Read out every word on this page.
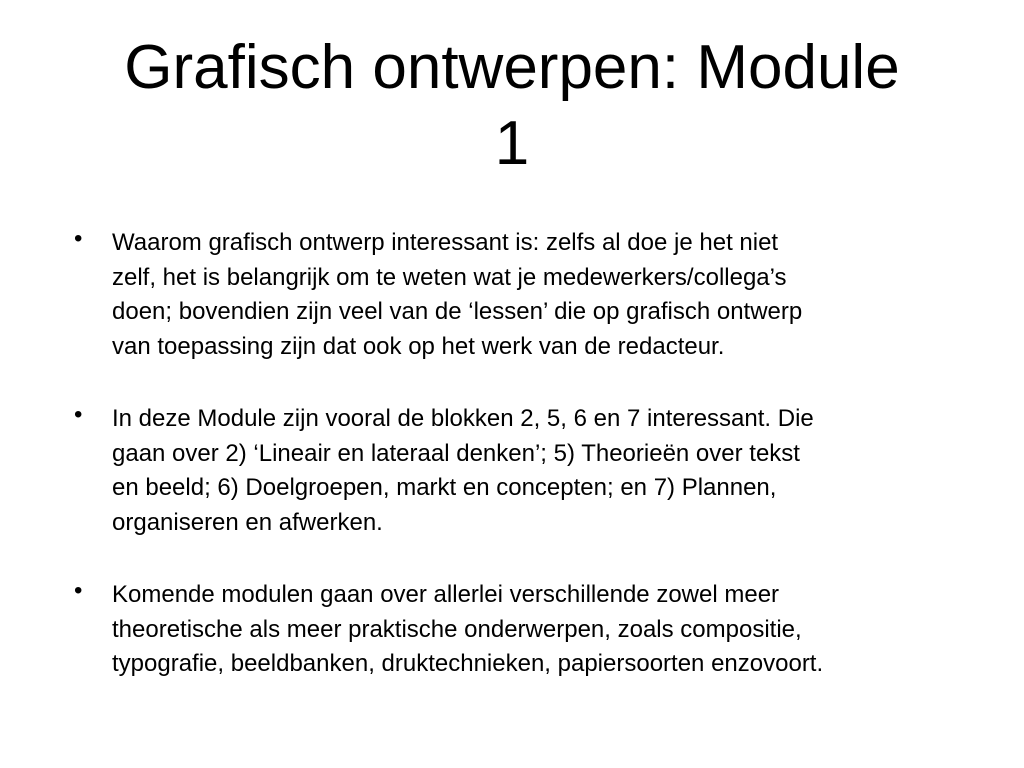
Grafisch ontwerpen: Module
1
• Waarom grafisch ontwerp interessant is: zelfs al doe je het niet
zelf, het is belangrijk om te weten wat je medewerkers/collega’s
doen; bovendien zijn veel van de ‘lessen’ die op grafisch ontwerp
van toepassing zijn dat ook op het werk van de redacteur.
• In deze Module zijn vooral de blokken 2, 5, 6 en 7 interessant. Die
gaan over 2) ‘Lineair en lateraal denken’; 5) Theorieën over tekst
en beeld; 6) Doelgroepen, markt en concepten; en 7) Plannen,
organiseren en afwerken.
• Komende modulen gaan over allerlei verschillende zowel meer
theoretische als meer praktische onderwerpen, zoals compositie,
typografie, beeldbanken, druktechnieken, papiersoorten enzovoort.
